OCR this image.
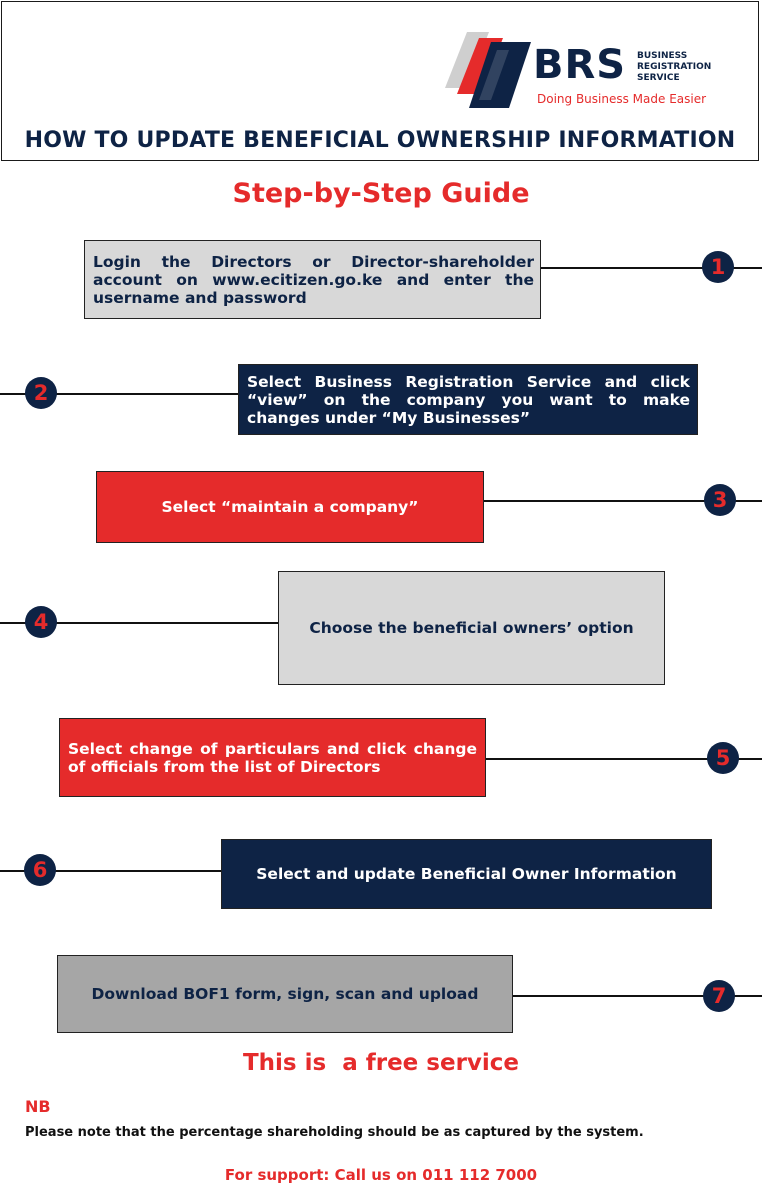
BRS BUSINESS
REGISTRATION
SERVICE
Doing Business Made Easier
HOW TO UPDATE BENEFICIAL OWNERSHIP INFORMATION
Step-by-Step Guide
Login the Directors or Director-shareholder account on www.ecitizen.go.ke and enter the username and password
1
Select Business Registration Service and click “view” on the company you want to make changes under “My Businesses”
2
Select “maintain a company”	3
Choose the beneficial owners’ option
4
Select change of particulars and click change of officials from the list of Directors	5
Select and update Beneficial Owner Information
6
Download BOF1 form, sign, scan and upload	7
This is  a free service
NB
Please note that the percentage shareholding should be as captured by the system.
For support: Call us on 011 112 7000
